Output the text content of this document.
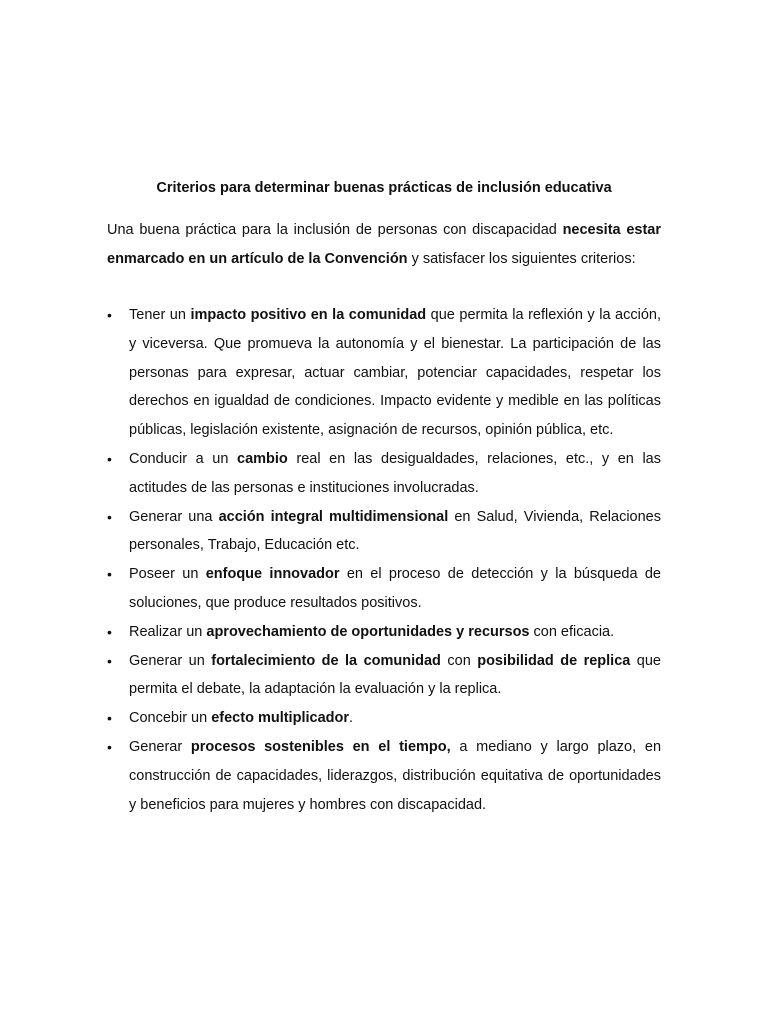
Criterios para determinar buenas prácticas de inclusión educativa

Una buena práctica para la inclusión de personas con discapacidad necesita estar enmarcado en un artículo de la Convención y satisfacer los siguientes criterios:

•	Tener un impacto positivo en la comunidad que permita la reflexión y la acción, y viceversa. Que promueva la autonomía y el bienestar. La participación de las personas para expresar, actuar cambiar, potenciar capacidades, respetar los derechos en igualdad de condiciones. Impacto evidente y medible en las políticas públicas, legislación existente, asignación de recursos, opinión pública, etc.
•	Conducir a un cambio real en las desigualdades, relaciones, etc., y en las actitudes de las personas e instituciones involucradas.
•	Generar una acción integral multidimensional en Salud, Vivienda, Relaciones personales, Trabajo, Educación etc.
•	Poseer un enfoque innovador en el proceso de detección y la búsqueda de soluciones, que produce resultados positivos.
•	Realizar un aprovechamiento de oportunidades y recursos con eficacia.
•	Generar un fortalecimiento de la comunidad con posibilidad de replica que permita el debate, la adaptación la evaluación y la replica.
•	Concebir un efecto multiplicador.
•	Generar procesos sostenibles en el tiempo, a mediano y largo plazo, en construcción de capacidades, liderazgos, distribución equitativa de oportunidades y beneficios para mujeres y hombres con discapacidad.
